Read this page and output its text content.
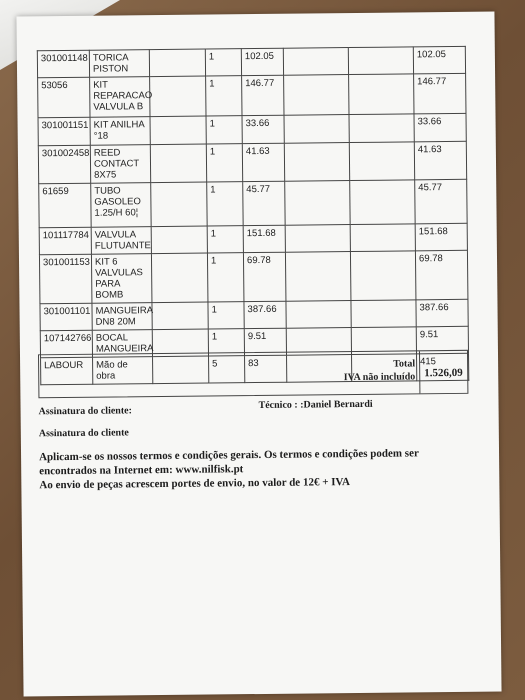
301001148	TORICA PISTON		1	102.05			102.05
53056	KIT REPARACAO VALVULA B		1	146.77			146.77
301001151	KIT ANILHA °18		1	33.66			33.66
301002458	REED CONTACT 8X75		1	41.63			41.63
61659	TUBO GASOLEO 1.25/H 60¦		1	45.77			45.77
101117784	VALVULA FLUTUANTE		1	151.68			151.68
301001153	KIT 6 VALVULAS PARA BOMB		1	69.78			69.78
301001101	MANGUEIRA DN8 20M		1	387.66			387.66
107142766	BOCAL MANGUEIRA		1	9.51			9.51
LABOUR	Mão de obra		5	83			415
Total
IVA não incluído 1.526,09
Assinatura do cliente:
Técnico : :Daniel Bernardi
Assinatura do cliente
Aplicam-se os nossos termos e condições gerais. Os termos e condições podem ser
encontrados na Internet em: www.nilfisk.pt
Ao envio de peças acrescem portes de envio, no valor de 12€ + IVA
